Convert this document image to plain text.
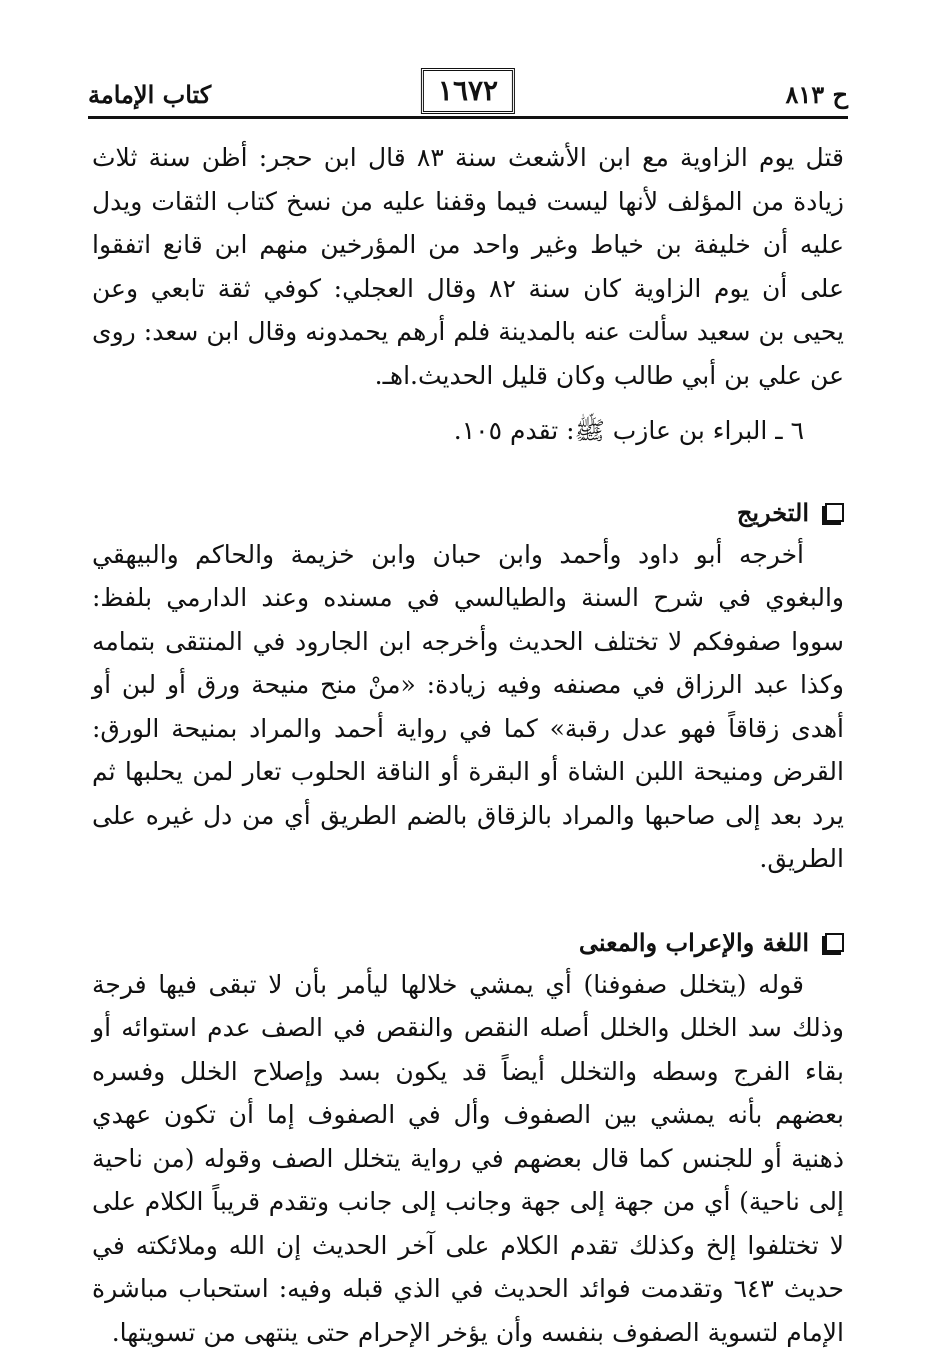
ح ٨١٣
١٦٧٢
كتاب الإمامة

قتل يوم الزاوية مع ابن الأشعث سنة ٨٣ قال ابن حجر: أظن سنة ثلاث زيادة من المؤلف لأنها ليست فيما وقفنا عليه من نسخ كتاب الثقات ويدل عليه أن خليفة بن خياط وغير واحد من المؤرخين منهم ابن قانع اتفقوا على أن يوم الزاوية كان سنة ٨٢ وقال العجلي: كوفي ثقة تابعي وعن يحيى بن سعيد سألت عنه بالمدينة فلم أرهم يحمدونه وقال ابن سعد: روى عن علي بن أبي طالب وكان قليل الحديث.اهـ.

٦ ـ البراء بن عازب ﷺ: تقدم ١٠٥.

التخريج

أخرجه أبو داود وأحمد وابن حبان وابن خزيمة والحاكم والبيهقي والبغوي في شرح السنة والطيالسي في مسنده وعند الدارمي بلفظ: سووا صفوفكم لا تختلف الحديث وأخرجه ابن الجارود في المنتقى بتمامه وكذا عبد الرزاق في مصنفه وفيه زيادة: «منْ منح منيحة ورق أو لبن أو أهدى زقاقاً فهو عدل رقبة» كما في رواية أحمد والمراد بمنيحة الورق: القرض ومنيحة اللبن الشاة أو البقرة أو الناقة الحلوب تعار لمن يحلبها ثم يرد بعد إلى صاحبها والمراد بالزقاق بالضم الطريق أي من دل غيره على الطريق.

اللغة والإعراب والمعنى

قوله (يتخلل صفوفنا) أي يمشي خلالها ليأمر بأن لا تبقى فيها فرجة وذلك سد الخلل والخلل أصله النقص والنقص في الصف عدم استوائه أو بقاء الفرج وسطه والتخلل أيضاً قد يكون بسد وإصلاح الخلل وفسره بعضهم بأنه يمشي بين الصفوف وأل في الصفوف إما أن تكون عهدي ذهنية أو للجنس كما قال بعضهم في رواية يتخلل الصف وقوله (من ناحية إلى ناحية) أي من جهة إلى جهة وجانب إلى جانب وتقدم قريباً الكلام على لا تختلفوا إلخ وكذلك تقدم الكلام على آخر الحديث إن الله وملائكته في حديث ٦٤٣ وتقدمت فوائد الحديث في الذي قبله وفيه: استحباب مباشرة الإمام لتسوية الصفوف بنفسه وأن يؤخر الإحرام حتى ينتهى من تسويتها.
